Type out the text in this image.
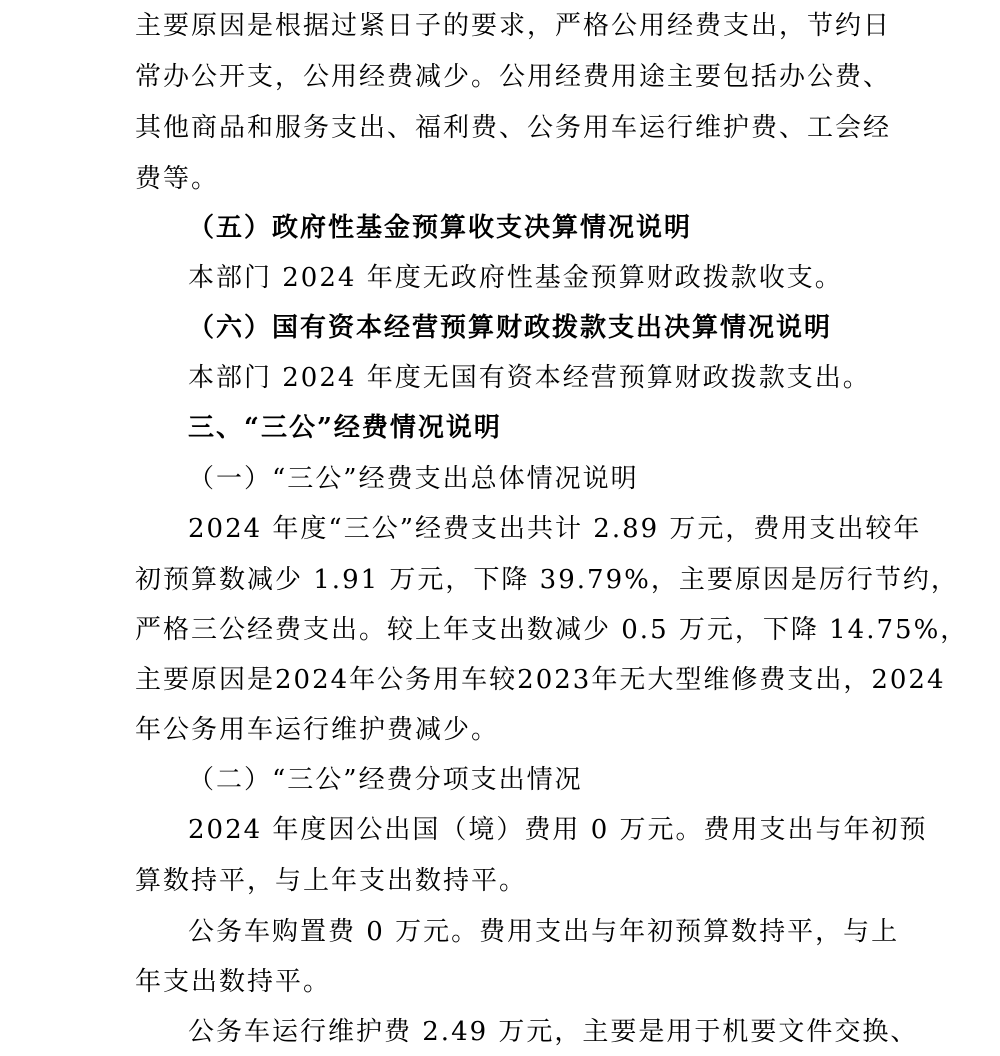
主要原因是根据过紧日子的要求，严格公用经费支出，节约日
常办公开支，公用经费减少。公用经费用途主要包括办公费、
其他商品和服务支出、福利费、公务用车运行维护费、工会经
费等。
（五）政府性基金预算收支决算情况说明
本部门 2024 年度无政府性基金预算财政拨款收支。
（六）国有资本经营预算财政拨款支出决算情况说明
本部门 2024 年度无国有资本经营预算财政拨款支出。
三、“三公”经费情况说明
（一）“三公”经费支出总体情况说明
2024 年度“三公”经费支出共计 2.89 万元，费用支出较年
初预算数减少 1.91 万元，下降 39.79%，主要原因是厉行节约，
严格三公经费支出。较上年支出数减少 0.5 万元，下降 14.75%，
主要原因是2024年公务用车较2023年无大型维修费支出，2024
年公务用车运行维护费减少。
（二）“三公”经费分项支出情况
2024 年度因公出国（境）费用 0 万元。费用支出与年初预
算数持平，与上年支出数持平。
公务车购置费 0 万元。费用支出与年初预算数持平，与上
年支出数持平。
公务车运行维护费 2.49 万元，主要是用于机要文件交换、
